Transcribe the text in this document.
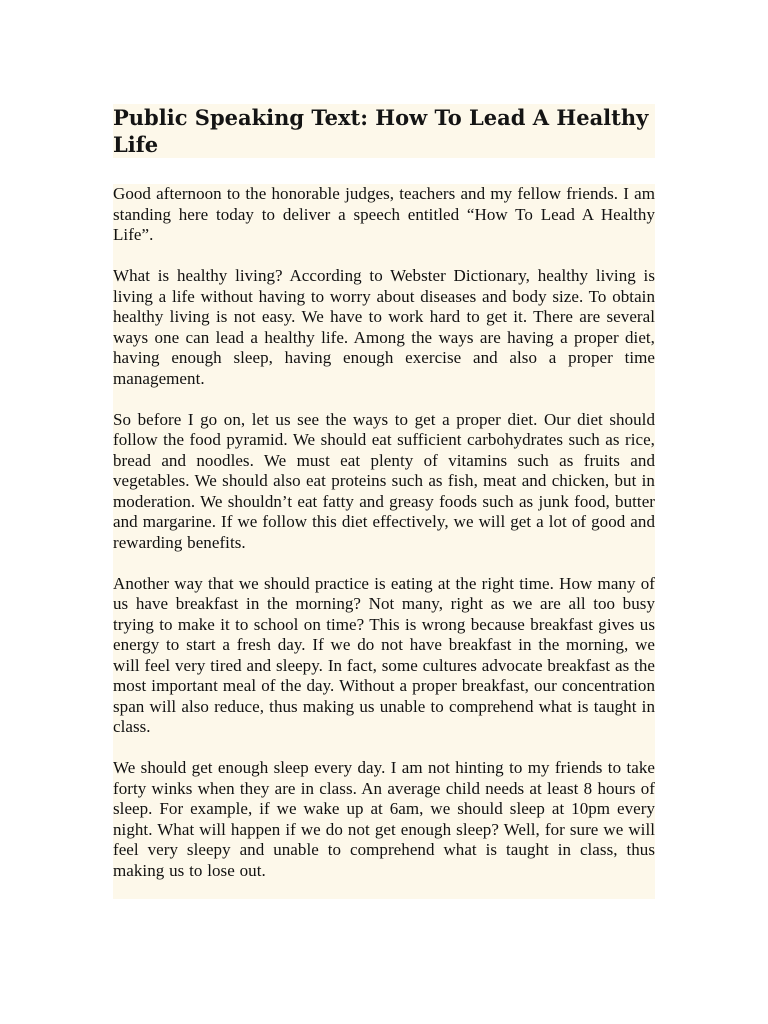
Public Speaking Text: How To Lead A Healthy Life

Good afternoon to the honorable judges, teachers and my fellow friends. I am standing here today to deliver a speech entitled “How To Lead A Healthy Life”.

What is healthy living? According to Webster Dictionary, healthy living is living a life without having to worry about diseases and body size. To obtain healthy living is not easy. We have to work hard to get it. There are several ways one can lead a healthy life. Among the ways are having a proper diet, having enough sleep, having enough exercise and also a proper time management.

So before I go on, let us see the ways to get a proper diet. Our diet should follow the food pyramid. We should eat sufficient carbohydrates such as rice, bread and noodles. We must eat plenty of vitamins such as fruits and vegetables. We should also eat proteins such as fish, meat and chicken, but in moderation. We shouldn’t eat fatty and greasy foods such as junk food, butter and margarine. If we follow this diet effectively, we will get a lot of good and rewarding benefits.

Another way that we should practice is eating at the right time. How many of us have breakfast in the morning? Not many, right as we are all too busy trying to make it to school on time? This is wrong because breakfast gives us energy to start a fresh day. If we do not have breakfast in the morning, we will feel very tired and sleepy. In fact, some cultures advocate breakfast as the most important meal of the day. Without a proper breakfast, our concentration span will also reduce, thus making us unable to comprehend what is taught in class.

We should get enough sleep every day. I am not hinting to my friends to take forty winks when they are in class. An average child needs at least 8 hours of sleep. For example, if we wake up at 6am, we should sleep at 10pm every night. What will happen if we do not get enough sleep? Well, for sure we will feel very sleepy and unable to comprehend what is taught in class, thus making us to lose out.
